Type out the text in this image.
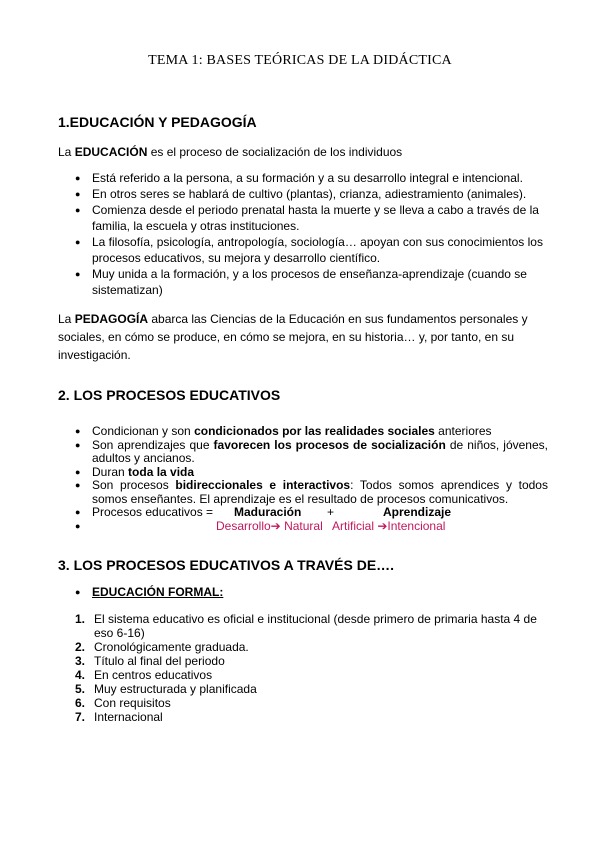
TEMA 1: BASES TEÓRICAS DE LA DIDÁCTICA
1.EDUCACIÓN Y PEDAGOGÍA
La EDUCACIÓN es el proceso de socialización de los individuos
● Está referido a la persona, a su formación y a su desarrollo integral e intencional.
● En otros seres se hablará de cultivo (plantas), crianza, adiestramiento (animales).
● Comienza desde el periodo prenatal hasta la muerte y se lleva a cabo a través de la familia, la escuela y otras instituciones.
● La filosofía, psicología, antropología, sociología… apoyan con sus conocimientos los procesos educativos, su mejora y desarrollo científico.
● Muy unida a la formación, y a los procesos de enseñanza-aprendizaje (cuando se sistematizan)
La PEDAGOGÍA abarca las Ciencias de la Educación en sus fundamentos personales y sociales, en cómo se produce, en cómo se mejora, en su historia… y, por tanto, en su investigación.
2. LOS PROCESOS EDUCATIVOS
● Condicionan y son condicionados por las realidades sociales anteriores
● Son aprendizajes que favorecen los procesos de socialización de niños, jóvenes, adultos y ancianos.
● Duran toda la vida
● Son procesos bidireccionales e interactivos: Todos somos aprendices y todos somos enseñantes. El aprendizaje es el resultado de procesos comunicativos.
● Procesos educativos = Maduración +	Aprendizaje
● Desarrollo➔ Natural Artificial ➔Intencional
3. LOS PROCESOS EDUCATIVOS A TRAVÉS DE….
● EDUCACIÓN FORMAL:
1. El sistema educativo es oficial e institucional (desde primero de primaria hasta 4 de eso 6-16)
2. Cronológicamente graduada.
3. Título al final del periodo
4. En centros educativos
5. Muy estructurada y planificada
6. Con requisitos
7. Internacional
